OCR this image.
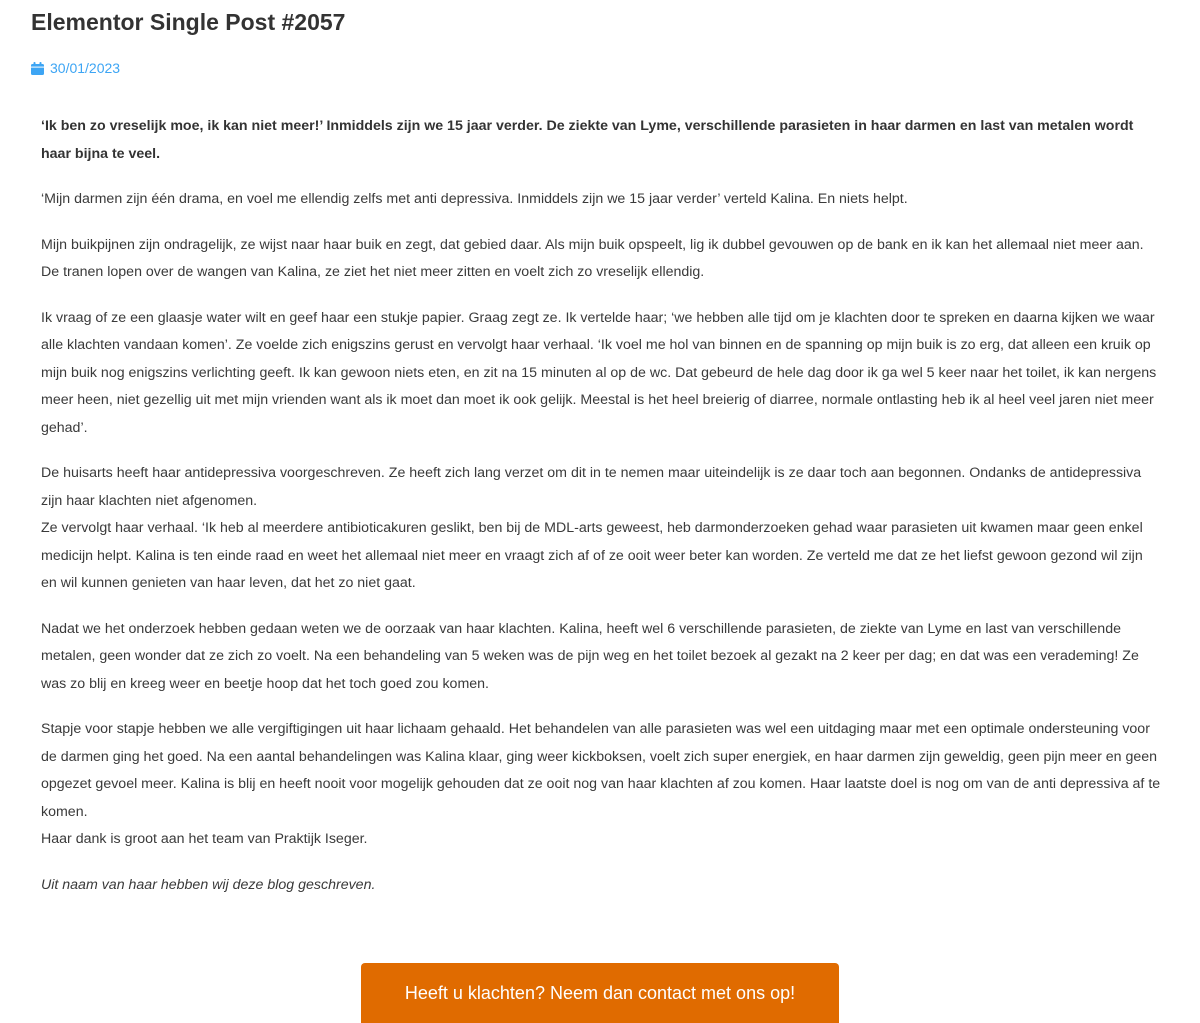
Elementor Single Post #2057
30/01/2023

‘Ik ben zo vreselijk moe, ik kan niet meer!’ Inmiddels zijn we 15 jaar verder. De ziekte van Lyme, verschillende parasieten in haar darmen en last van metalen wordt haar bijna te veel.

‘Mijn darmen zijn één drama, en voel me ellendig zelfs met anti depressiva. Inmiddels zijn we 15 jaar verder’ verteld Kalina. En niets helpt.

Mijn buikpijnen zijn ondragelijk, ze wijst naar haar buik en zegt, dat gebied daar. Als mijn buik opspeelt, lig ik dubbel gevouwen op de bank en ik kan het allemaal niet meer aan. De tranen lopen over de wangen van Kalina, ze ziet het niet meer zitten en voelt zich zo vreselijk ellendig.

Ik vraag of ze een glaasje water wilt en geef haar een stukje papier. Graag zegt ze. Ik vertelde haar; ‘we hebben alle tijd om je klachten door te spreken en daarna kijken we waar alle klachten vandaan komen’. Ze voelde zich enigszins gerust en vervolgt haar verhaal. ‘Ik voel me hol van binnen en de spanning op mijn buik is zo erg, dat alleen een kruik op mijn buik nog enigszins verlichting geeft. Ik kan gewoon niets eten, en zit na 15 minuten al op de wc. Dat gebeurd de hele dag door ik ga wel 5 keer naar het toilet, ik kan nergens meer heen, niet gezellig uit met mijn vrienden want als ik moet dan moet ik ook gelijk. Meestal is het heel breierig of diarree, normale ontlasting heb ik al heel veel jaren niet meer gehad’.

De huisarts heeft haar antidepressiva voorgeschreven. Ze heeft zich lang verzet om dit in te nemen maar uiteindelijk is ze daar toch aan begonnen. Ondanks de antidepressiva zijn haar klachten niet afgenomen.
Ze vervolgt haar verhaal. ‘Ik heb al meerdere antibioticakuren geslikt, ben bij de MDL-arts geweest, heb darmonderzoeken gehad waar parasieten uit kwamen maar geen enkel medicijn helpt. Kalina is ten einde raad en weet het allemaal niet meer en vraagt zich af of ze ooit weer beter kan worden. Ze verteld me dat ze het liefst gewoon gezond wil zijn en wil kunnen genieten van haar leven, dat het zo niet gaat.

Nadat we het onderzoek hebben gedaan weten we de oorzaak van haar klachten. Kalina, heeft wel 6 verschillende parasieten, de ziekte van Lyme en last van verschillende metalen, geen wonder dat ze zich zo voelt. Na een behandeling van 5 weken was de pijn weg en het toilet bezoek al gezakt na 2 keer per dag; en dat was een verademing! Ze was zo blij en kreeg weer en beetje hoop dat het toch goed zou komen.

Stapje voor stapje hebben we alle vergiftigingen uit haar lichaam gehaald. Het behandelen van alle parasieten was wel een uitdaging maar met een optimale ondersteuning voor de darmen ging het goed. Na een aantal behandelingen was Kalina klaar, ging weer kickboksen, voelt zich super energiek, en haar darmen zijn geweldig, geen pijn meer en geen opgezet gevoel meer. Kalina is blij en heeft nooit voor mogelijk gehouden dat ze ooit nog van haar klachten af zou komen. Haar laatste doel is nog om van de anti depressiva af te komen.
Haar dank is groot aan het team van Praktijk Iseger.

Uit naam van haar hebben wij deze blog geschreven.

Heeft u klachten? Neem dan contact met ons op!
